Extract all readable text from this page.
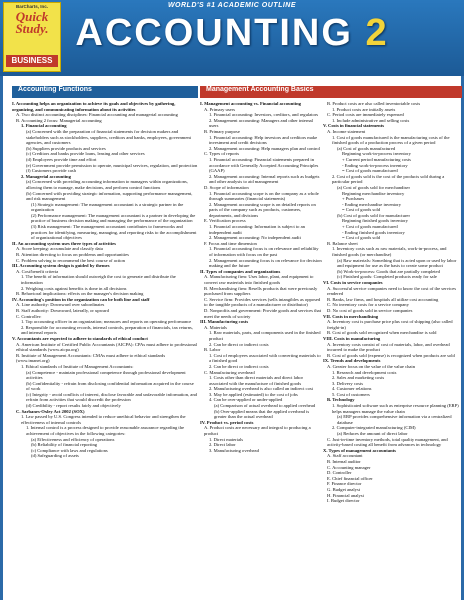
BarCharts, Inc.
Quick
Study.
BUSINESS
WORLD'S #1 ACADEMIC OUTLINE
ACCOUNTING 2
Accounting Functions

I. Accounting helps an organization to achieve its goals and objectives by gathering, organizing, and communicating information about its activities

A. Two distinct accounting disciplines: Financial accounting and managerial accounting

B. Accounting 2 focus: Managerial accounting

1. Financial accounting

(a) Concerned with the preparation of financial statements for decision makers and stakeholders such as stockholders, suppliers, creditors and banks, employees, government agencies, and customers

(b) Suppliers provide products and services

(c) Creditors and banks provide loans, leasing and other services

(d) Employees provide time and effort

(e) Government provide permission to operate, municipal services, regulation, and protection

(f) Customers provide cash

2. Managerial accounting

(a) Concerned with providing accounting information to managers within organizations, allowing them to manage, make decisions, and perform control functions

(b) Concerned with providing strategic information, supporting performance management, and risk management

(1) Strategic management: The management accountant is a strategic partner in the organization

(2) Performance management: The management accountant is a partner in developing the practice of business decision making and managing the performance of the organization

(3) Risk management: The management accountant contributes to frameworks and practices for identifying, measuring, managing, and reporting risks to the accomplishment of organizational objectives

II. An accounting system uses three types of activities

A. Score keeping: accumulate and classify data

B. Attention directing to focus on problems and opportunities

C. Problem solving to recommend the best course of action

III. Accounting system design is guided by themes

A. Cost/benefit criteria

1. The benefit of information should outweigh the cost to generate and distribute the information

2. Weighing costs against benefits is done in all decisions

B. Behavioral implications: effects on the manager's decision making

IV. Accounting's position in the organization can be both line and staff

A. Line authority: Downward over subordinates

B. Staff authority: Downward, laterally, or upward

C. Controller:

1. Top accounting officer in an organization; measures and reports on operating performance

2. Responsible for accounting records, internal controls, preparation of financials, tax returns, and internal reports

V. Accountants are expected to adhere to standards of ethical conduct

A. American Institute of Certified Public Accountants (AICPA): CPAs must adhere to professional ethical standards (www.aicpa.org)

B. Institute of Management Accountants: CMAs must adhere to ethical standards (www.imanet.org)

1. Ethical standards of Institute of Management Accountants:

(a) Competence - maintain professional competence through professional development activities

(b) Confidentiality - refrain from disclosing confidential information acquired in the course of work

(c) Integrity - avoid conflicts of interest, disclose favorable and unfavorable information, and refrain from activities that would discredit the profession

(d) Credibility - report results fairly and objectively

C. Sarbanes-Oxley Act 2002 (SOX)

1. Law passed by U.S. Congress intended to reduce unethical behavior and strengthen the effectiveness of internal controls

1. Internal control is a process designed to provide reasonable assurance regarding the achievement of objectives in the following categories:

(a) Effectiveness and efficiency of operations

(b) Reliability of financial reporting

(c) Compliance with laws and regulations

(d) Safeguarding of assets

Management Accounting Basics

I. Management accounting vs. Financial accounting

A. Primary users

1. Financial accounting: Investors, creditors, and regulators

2. Management accounting: Managers and other internal users

B. Primary purpose

1. Financial accounting: Help investors and creditors make investment and credit decisions

2. Management accounting: Help managers plan and control

C. Types of reports

1. Financial accounting: Financial statements prepared in accordance with Generally Accepted Accounting Principles (GAAP)

2. Management accounting: Internal reports such as budgets and other analysis to aid management

D. Scope of information

1. Financial accounting scope is on the company as a whole through summaries (financial statements)

2. Management accounting scope is on detailed reports on parts of the company such as products, customers, departments, and divisions

E. Verification process

1. Financial accounting: Information is subject to an independent audit

2. Management accounting: No independent audit

F. Focus and time dimension

1. Financial accounting focus is on relevance and reliability of information with focus on the past

2. Management accounting focus is on relevance for decision making and the future

II. Types of companies and organizations

A. Manufacturing firm: Uses labor, plant, and equipment to convert raw materials into finished goods

B. Merchandising firm: Resells products that were previously purchased from suppliers

C. Service firm: Provides services (sells intangibles as opposed to the tangible products of a manufacturer or distributor)

D. Nonprofits and government: Provide goods and services that meet the needs of society

III. Manufacturing costs

A. Materials

1. Raw materials, parts, and components used in the finished product

2. Can be direct or indirect costs

B. Labor

1. Cost of employees associated with converting materials to a finished good

2. Can be direct or indirect costs

C. Manufacturing overhead

1. Costs other than direct materials and direct labor associated with the manufacture of finished goods

2. Manufacturing overhead is also called an indirect cost

3. May be applied (estimated) to the cost of jobs

4. Can be over-applied or under-applied

(a) Comparison of actual overhead to applied overhead

(b) Over-applied means that the applied overhead is greater than the actual overhead

IV. Product vs. period costs

A. Product costs are necessary and integral to producing a product

1. Direct materials

2. Direct labor

3. Manufacturing overhead

B. Product costs are also called inventoriable costs

1. Product costs are initially assets

C. Period costs are immediately expensed

1. Include administrative and selling costs

V. Costs in financial statements

A. Income statement

1. Cost of goods manufactured is the manufacturing costs of the finished goods of a production process of a given period

(a) Cost of goods manufactured

Beginning work-in-process inventory

+ Current period manufacturing costs

- Ending work-in-process inventory

= Cost of goods manufactured

2. Cost of goods sold is the cost of the products sold during a particular period

(a) Cost of goods sold for merchandiser

Beginning merchandise inventory

+ Purchases

- Ending merchandise inventory

= Cost of goods sold

(b) Cost of goods sold for manufacturer

Beginning finished goods inventory

+ Cost of goods manufactured

- Ending finished goods inventory

= Cost of goods sold

B. Balance sheet

1. Inventory costs such as raw materials, work-in-process, and finished goods (or merchandise)

(a) Raw materials: Something that is acted upon or used by labor and equipment for use as the basis to create some product

(b) Work-in-process: Goods that are partially completed

(c) Finished goods: Completed products ready for sale

VI. Costs in service companies

A. Successful service companies need to know the cost of the services rendered

B. Banks, law firms, and hospitals all utilize cost accounting

C. No inventory costs for a service company

D. No cost of goods sold in service companies

VII. Costs in merchandising

A. Inventory cost is purchase price plus cost of shipping (also called freight-in)

B. Cost of goods sold recognized when merchandise is sold

VIII. Costs in manufacturing

A. Inventory costs consist of cost of materials, labor, and overhead incurred to make the product

B. Cost of goods sold (expense) is recognized when products are sold

IX. Trends and developments

A. Greater focus on the value of the value chain

1. Research and development costs

2. Sales and marketing costs

3. Delivery costs

4. Customer relations

5. Cost of customers

B. Technology

1. Sophisticated software such as enterprise resource planning (ERP) helps managers manage the value chain

(a) ERP provides comprehensive information via a centralized database

2. Computer-integrated manufacturing (CIM)

(a) Reduces the amount of direct labor

C. Just-in-time inventory methods, total quality management, and activity-based costing all benefit from advances in technology

X. Types of management accountants

A. Staff accountant

B. Internal auditor

C. Accounting manager

D. Controller

E. Chief financial officer

F. Finance director

G. Budget analyst

H. Financial analyst

I. Budget director
